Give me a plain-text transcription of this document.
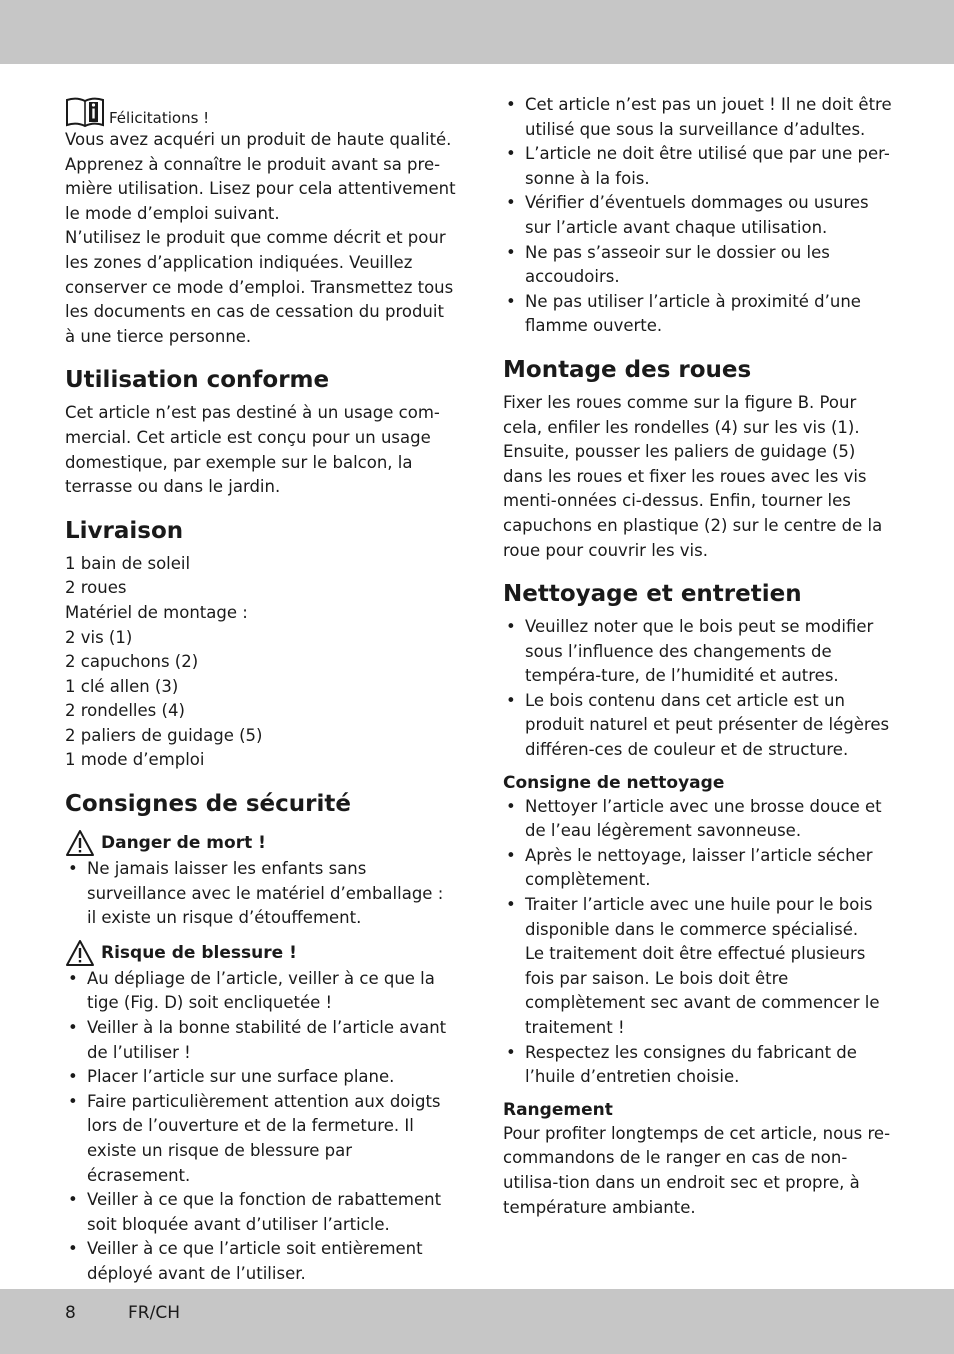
Félicitations !

Vous avez acquéri un produit de haute qualité. Apprenez à connaître le produit avant sa pre-mière utilisation. Lisez pour cela attentivement le mode d’emploi suivant.

N’utilisez le produit que comme décrit et pour les zones d’application indiquées. Veuillez conserver ce mode d’emploi. Transmettez tous les documents en cas de cessation du produit à une tierce personne.

Utilisation conforme

Cet article n’est pas destiné à un usage com-mercial. Cet article est conçu pour un usage domestique, par exemple sur le balcon, la terrasse ou dans le jardin.

Livraison

1 bain de soleil

2 roues

Matériel de montage :

2 vis (1)

2 capuchons (2)

1 clé allen (3)

2 rondelles (4)

2 paliers de guidage (5)

1 mode d’emploi

Consignes de sécurité
Danger de mort !
• Ne jamais laisser les enfants sans surveillance avec le matériel d’emballage : il existe un risque d’étouffement.
Risque de blessure !
• Au dépliage de l’article, veiller à ce que la tige (Fig. D) soit encliquetée !
• Veiller à la bonne stabilité de l’article avant de l’utiliser !
• Placer l’article sur une surface plane.
• Faire particulièrement attention aux doigts lors de l’ouverture et de la fermeture. Il existe un risque de blessure par écrasement.
• Veiller à ce que la fonction de rabattement soit bloquée avant d’utiliser l’article.
• Veiller à ce que l’article soit entièrement déployé avant de l’utiliser.
• Cet article n’est pas un jouet ! Il ne doit être utilisé que sous la surveillance d’adultes.
• L’article ne doit être utilisé que par une per-sonne à la fois.
• Vérifier d’éventuels dommages ou usures sur l’article avant chaque utilisation.
• Ne pas s’asseoir sur le dossier ou les accoudoirs.
• Ne pas utiliser l’article à proximité d’une flamme ouverte.
Montage des roues

Fixer les roues comme sur la figure B. Pour cela, enfiler les rondelles (4) sur les vis (1).

Ensuite, pousser les paliers de guidage (5) dans les roues et fixer les roues avec les vis menti-onnées ci-dessus. Enfin, tourner les capuchons en plastique (2) sur le centre de la roue pour couvrir les vis.

Nettoyage et entretien
• Veuillez noter que le bois peut se modifier sous l’influence des changements de tempéra-ture, de l’humidité et autres.
• Le bois contenu dans cet article est un produit naturel et peut présenter de légères différen-ces de couleur et de structure.
Consigne de nettoyage
• Nettoyer l’article avec une brosse douce et de l’eau légèrement savonneuse.
• Après le nettoyage, laisser l’article sécher complètement.
• Traiter l’article avec une huile pour le bois disponible dans le commerce spécialisé.
Le traitement doit être effectué plusieurs fois par saison. Le bois doit être complètement sec avant de commencer le traitement !
• Respectez les consignes du fabricant de l’huile d’entretien choisie.
Rangement

Pour profiter longtemps de cet article, nous re-commandons de le ranger en cas de non-utilisa-tion dans un endroit sec et propre, à température ambiante.

8	FR/CH
